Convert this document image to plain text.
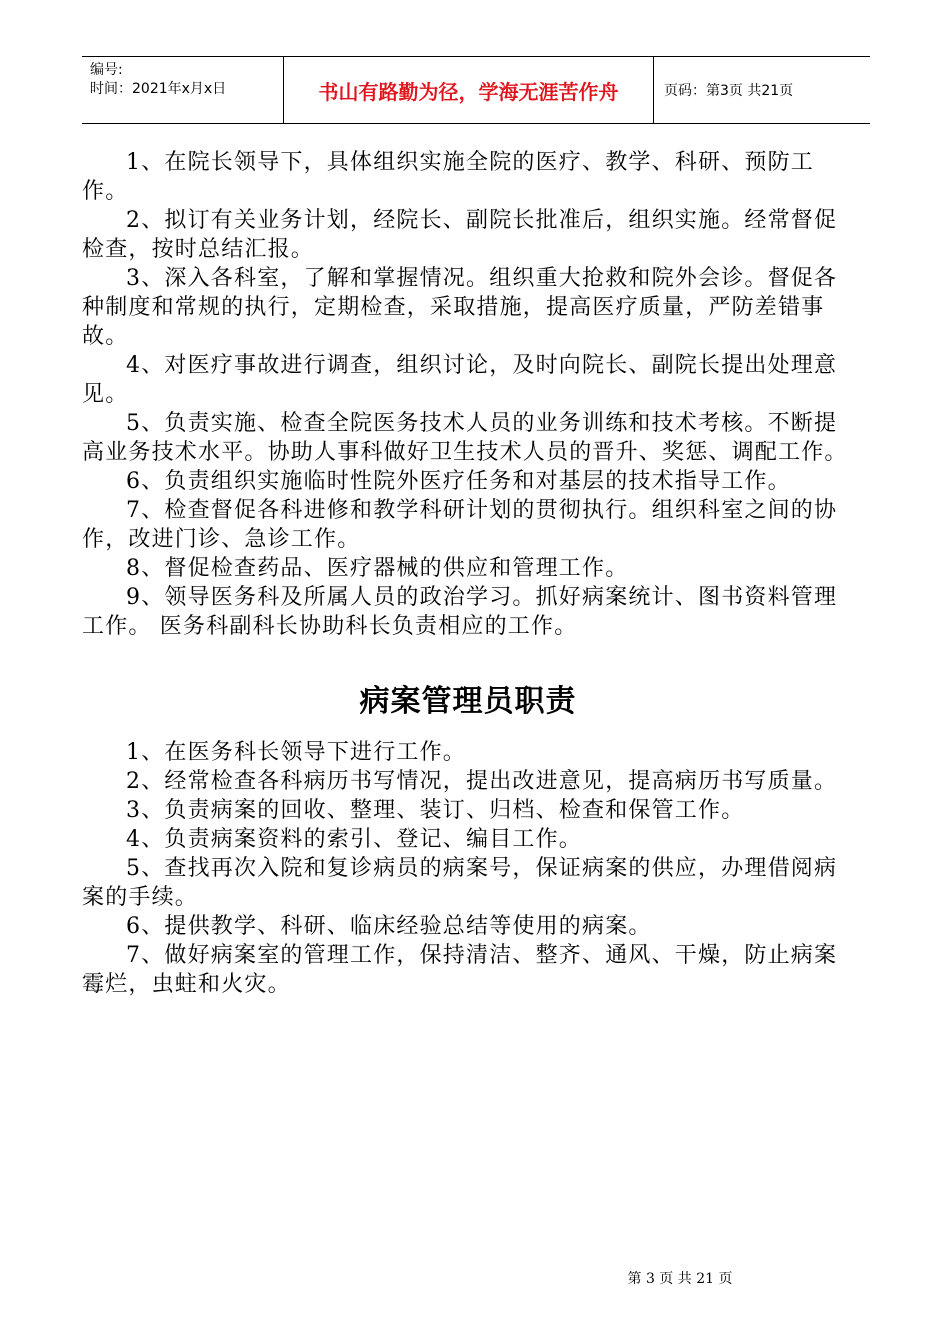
编号:
时间：2021年x月x日	书山有路勤为径，学海无涯苦作舟	页码：第3页 共21页

1、在院长领导下，具体组织实施全院的医疗、教学、科研、预防工作。

2、拟订有关业务计划，经院长、副院长批准后，组织实施。经常督促检查，按时总结汇报。

3、深入各科室，了解和掌握情况。组织重大抢救和院外会诊。督促各种制度和常规的执行，定期检查，采取措施，提高医疗质量，严防差错事故。

4、对医疗事故进行调查，组织讨论，及时向院长、副院长提出处理意见。

5、负责实施、检查全院医务技术人员的业务训练和技术考核。不断提高业务技术水平。协助人事科做好卫生技术人员的晋升、奖惩、调配工作。

6、负责组织实施临时性院外医疗任务和对基层的技术指导工作。

7、检查督促各科进修和教学科研计划的贯彻执行。组织科室之间的协作，改进门诊、急诊工作。

8、督促检查药品、医疗器械的供应和管理工作。

9、领导医务科及所属人员的政治学习。抓好病案统计、图书资料管理工作。 医务科副科长协助科长负责相应的工作。

病案管理员职责

1、在医务科长领导下进行工作。

2、经常检查各科病历书写情况，提出改进意见，提高病历书写质量。

3、负责病案的回收、整理、装订、归档、检查和保管工作。

4、负责病案资料的索引、登记、编目工作。

5、查找再次入院和复诊病员的病案号，保证病案的供应，办理借阅病案的手续。

6、提供教学、科研、临床经验总结等使用的病案。

7、做好病案室的管理工作，保持清洁、整齐、通风、干燥，防止病案霉烂，虫蛀和火灾。

第 3 页 共 21 页
